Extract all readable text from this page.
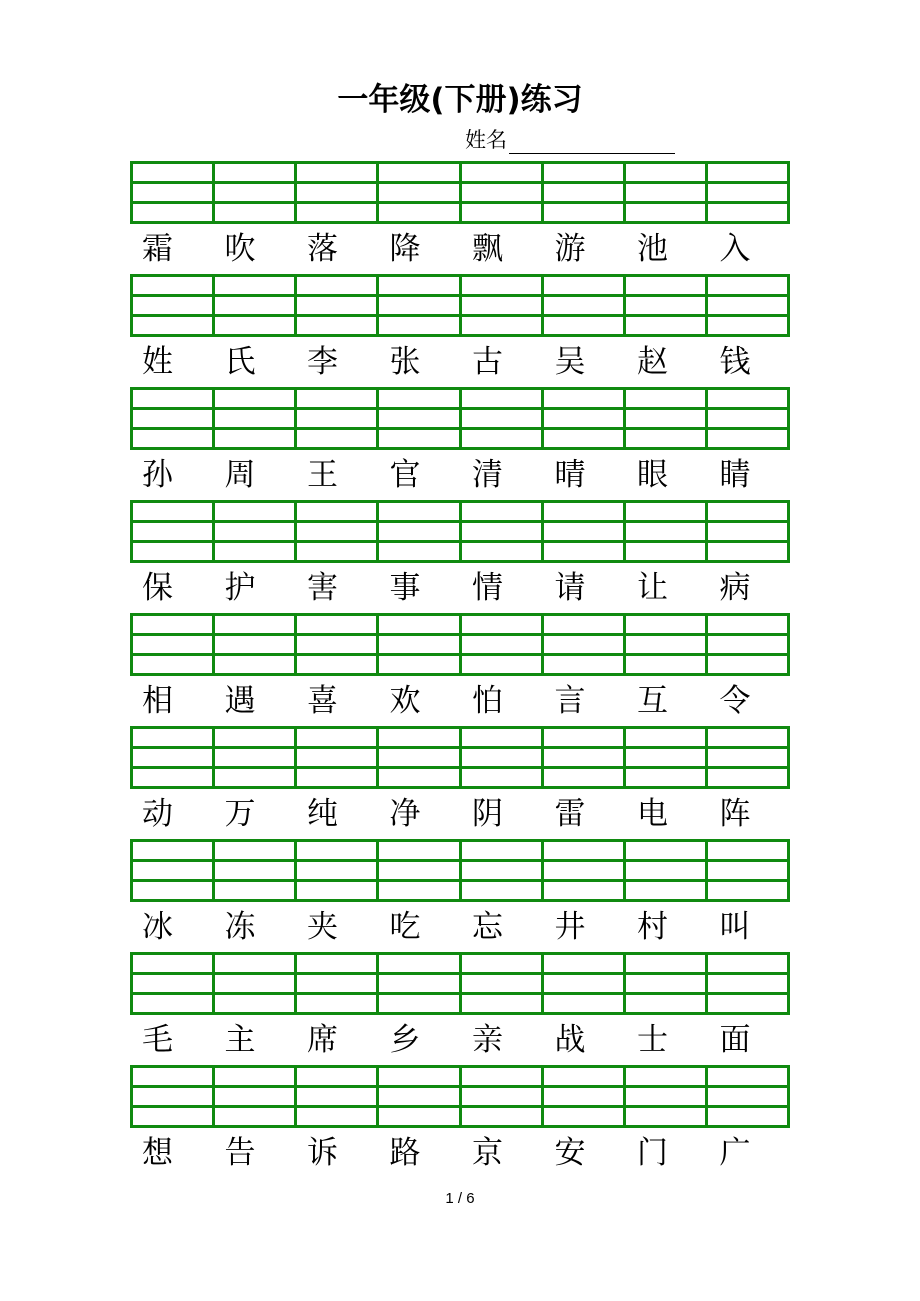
一年级(下册)练习
姓名

霜	吹	落	降	飘	游	池	入

姓	氏	李	张	古	吴	赵	钱

孙	周	王	官	清	晴	眼	睛

保	护	害	事	情	请	让	病

相	遇	喜	欢	怕	言	互	令

动	万	纯	净	阴	雷	电	阵

冰	冻	夹	吃	忘	井	村	叫

毛	主	席	乡	亲	战	士	面

想	告	诉	路	京	安	门	广
1 / 6
